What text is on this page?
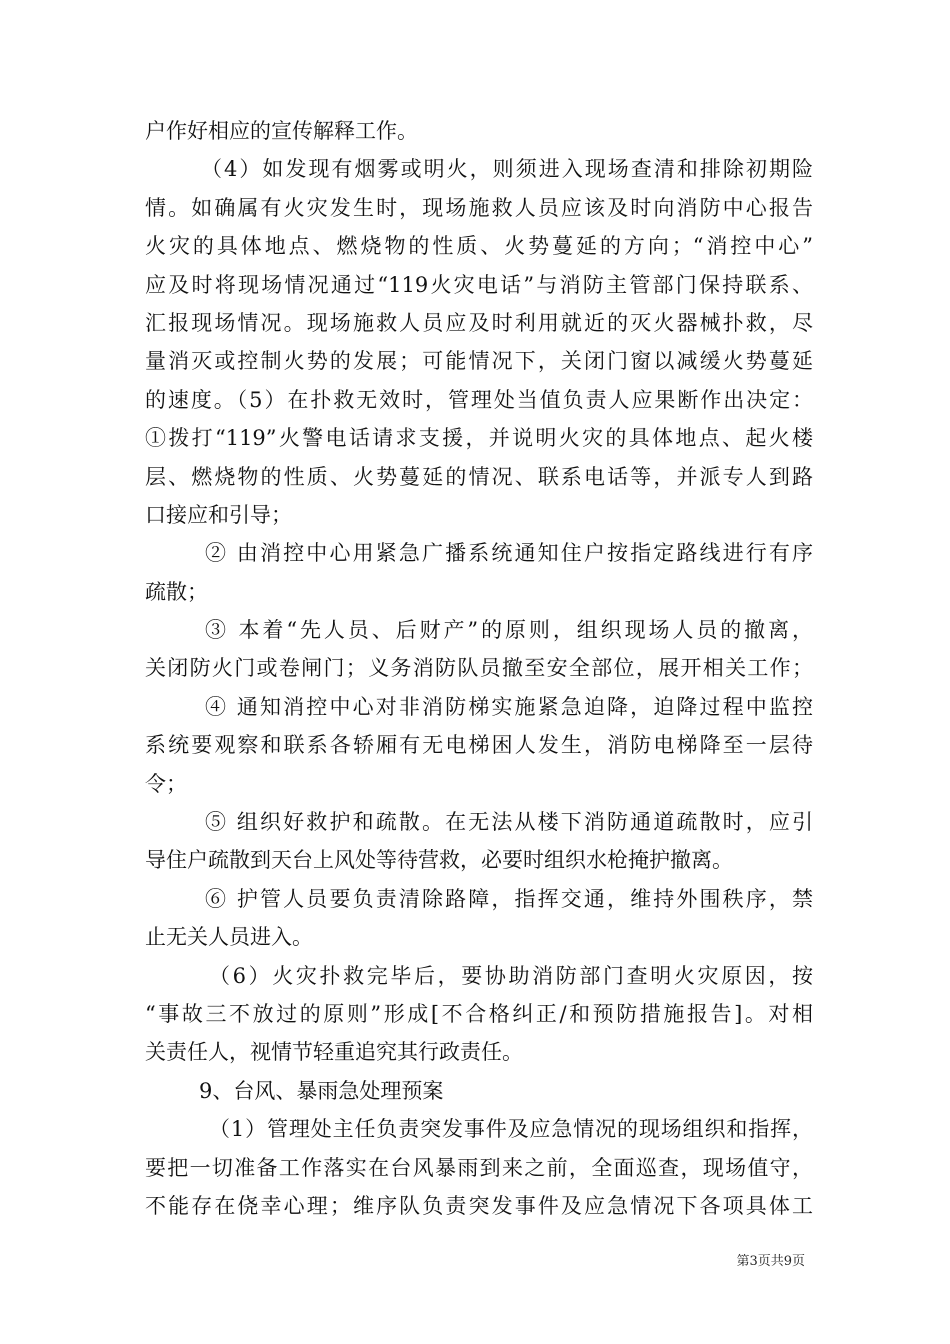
户作好相应的宣传解释工作。
（4）如发现有烟雾或明火，则须进入现场查清和排除初期险
情。如确属有火灾发生时，现场施救人员应该及时向消防中心报告
火灾的具体地点、燃烧物的性质、火势蔓延的方向；“消控中心”
应及时将现场情况通过“119火灾电话”与消防主管部门保持联系、
汇报现场情况。现场施救人员应及时利用就近的灭火器械扑救，尽
量消灭或控制火势的发展；可能情况下，关闭门窗以减缓火势蔓延
的速度。（5）在扑救无效时，管理处当值负责人应果断作出决定：
①拨打“119”火警电话请求支援，并说明火灾的具体地点、起火楼
层、燃烧物的性质、火势蔓延的情况、联系电话等，并派专人到路
口接应和引导；
② 由消控中心用紧急广播系统通知住户按指定路线进行有序
疏散；
③ 本着“先人员、后财产”的原则，组织现场人员的撤离，
关闭防火门或卷闸门；义务消防队员撤至安全部位，展开相关工作；
④ 通知消控中心对非消防梯实施紧急迫降，迫降过程中监控
系统要观察和联系各轿厢有无电梯困人发生，消防电梯降至一层待
令；
⑤ 组织好救护和疏散。在无法从楼下消防通道疏散时，应引
导住户疏散到天台上风处等待营救，必要时组织水枪掩护撤离。
⑥ 护管人员要负责清除路障，指挥交通，维持外围秩序，禁
止无关人员进入。
（6）火灾扑救完毕后，要协助消防部门查明火灾原因，按
“事故三不放过的原则”形成[不合格纠正/和预防措施报告]。对相
关责任人，视情节轻重追究其行政责任。
9、台风、暴雨急处理预案
（1）管理处主任负责突发事件及应急情况的现场组织和指挥，
要把一切准备工作落实在台风暴雨到来之前，全面巡查，现场值守，
不能存在侥幸心理；维序队负责突发事件及应急情况下各项具体工
第3页共9页
